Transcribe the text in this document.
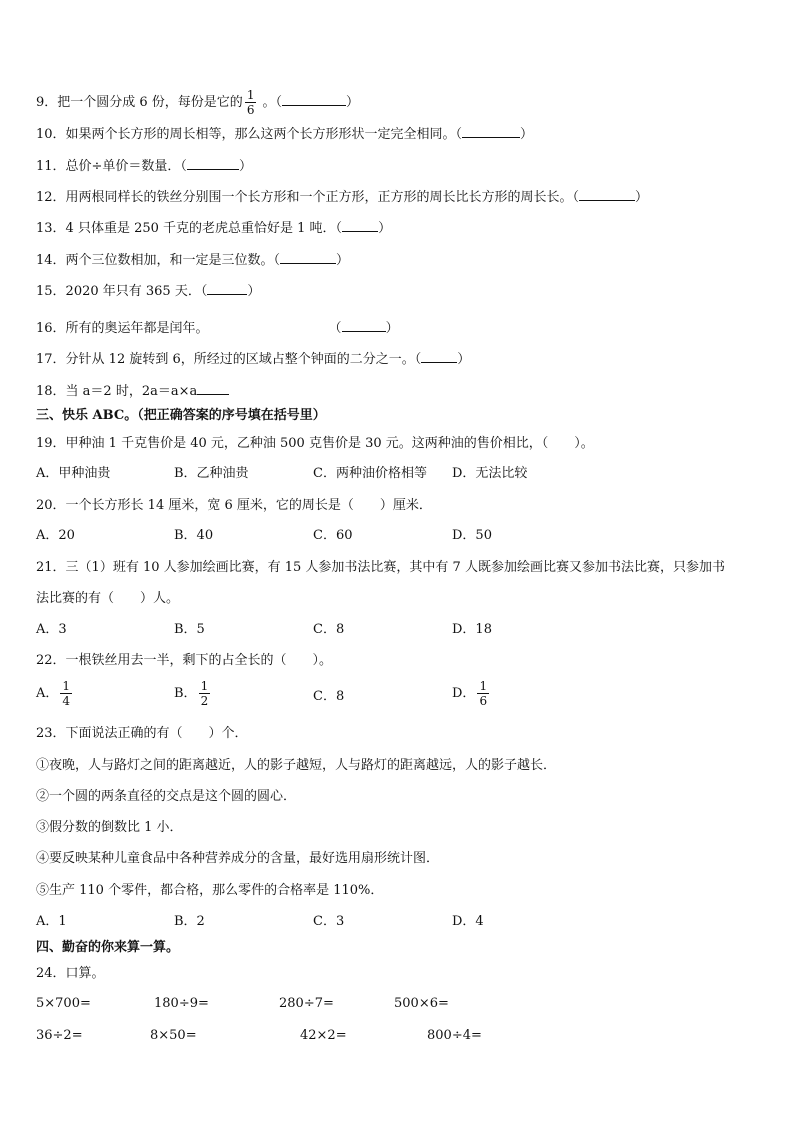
9．把一个圆分成 6 份，每份是它的 $\frac{1}{6}$ 。（	）
10．如果两个长方形的周长相等，那么这两个长方形形状一定完全相同。（	）
11．总价÷单价＝数量．（	）
12．用两根同样长的铁丝分别围一个长方形和一个正方形，正方形的周长比长方形的周长长。（	）
13．4 只体重是 250 千克的老虎总重恰好是 1 吨．（	）
14．两个三位数相加，和一定是三位数。（	）
15．2020 年只有 365 天．（	）
16．所有的奥运年都是闰年。	（	）
17．分针从 12 旋转到 6，所经过的区域占整个钟面的二分之一。（	）
18．当 a＝2 时，2a＝a×a
三、快乐 ABC。（把正确答案的序号填在括号里）
19．甲种油 1 千克售价是 40 元，乙种油 500 克售价是 30 元。这两种油的售价相比，（　　）。
A．甲种油贵	B．乙种油贵	C．两种油价格相等 D．无法比较
20．一个长方形长 14 厘米，宽 6 厘米，它的周长是（　　）厘米．
A．20	B．40	C．60	D．50
21．三（1）班有 10 人参加绘画比赛，有 15 人参加书法比赛，其中有 7 人既参加绘画比赛又参加书法比赛，只参加书
法比赛的有（　　）人。
A．3	B．5	C．8	D．18
22．一根铁丝用去一半，剩下的占全长的（　　）。
A． $\frac{1}{4}$	B． $\frac{1}{2}$	C．8	D． $\frac{1}{6}$
23．下面说法正确的有（　　）个．
①夜晚，人与路灯之间的距离越近，人的影子越短，人与路灯的距离越远，人的影子越长．
②一个圆的两条直径的交点是这个圆的圆心．
③假分数的倒数比 1 小．
④要反映某种儿童食品中各种营养成分的含量，最好选用扇形统计图．
⑤生产 110 个零件，都合格，那么零件的合格率是 110%．
A．1	B．2	C．3	D．4
四、勤奋的你来算一算。
24．口算。
5×700=	180÷9=	280÷7=	500×6=
36÷2=	8×50=	42×2=	800÷4=
